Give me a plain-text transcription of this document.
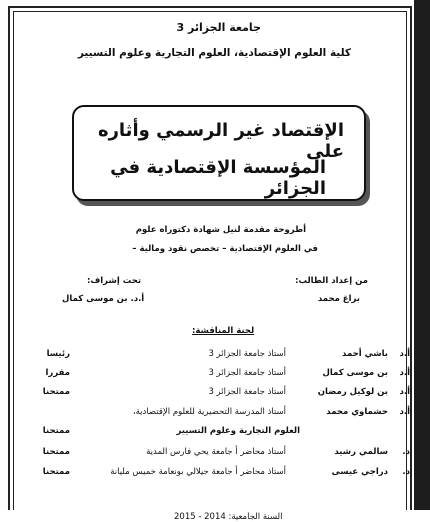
جامعة الجزائر 3
كلية العلوم الإقتصادية، العلوم التجارية وعلوم التسيير
الإقتصاد غير الرسمي وأثاره على
المؤسسة الإقتصادية في الجزائر
أطروحة مقدمة لنيل شهادة دكتوراه علوم
في العلوم الإقتصادية – تخصص نقود ومالية –
من إعداد الطالب:
براغ محمد
تحت إشراف:
أ.د. بن موسى كمال
لجنة المناقشة:
أ.د
باشي أحمد
أستاذ جامعة الجزائر 3
رئيسا
أ.د
بن موسى كمال
أستاذ جامعة الجزائر 3
مقررا
أ.د
بن لوكيل رمضان
أستاذ جامعة الجزائر 3
ممتحنا
أ.د
حشماوي محمد
أستاذ المدرسة التحضيرية للعلوم الإقتصادية،
العلوم التجارية وعلوم التسيير
ممتحنا
د.
سالمي رشيد
أستاذ محاضر أ جامعة يحي فارس المدية
ممتحنا
د.
دراجي عيسى
أستاذ محاضر أ جامعة جيلالي بونعامة خميس مليانة
ممتحنا
السنة الجامعية: 2014 - 2015
